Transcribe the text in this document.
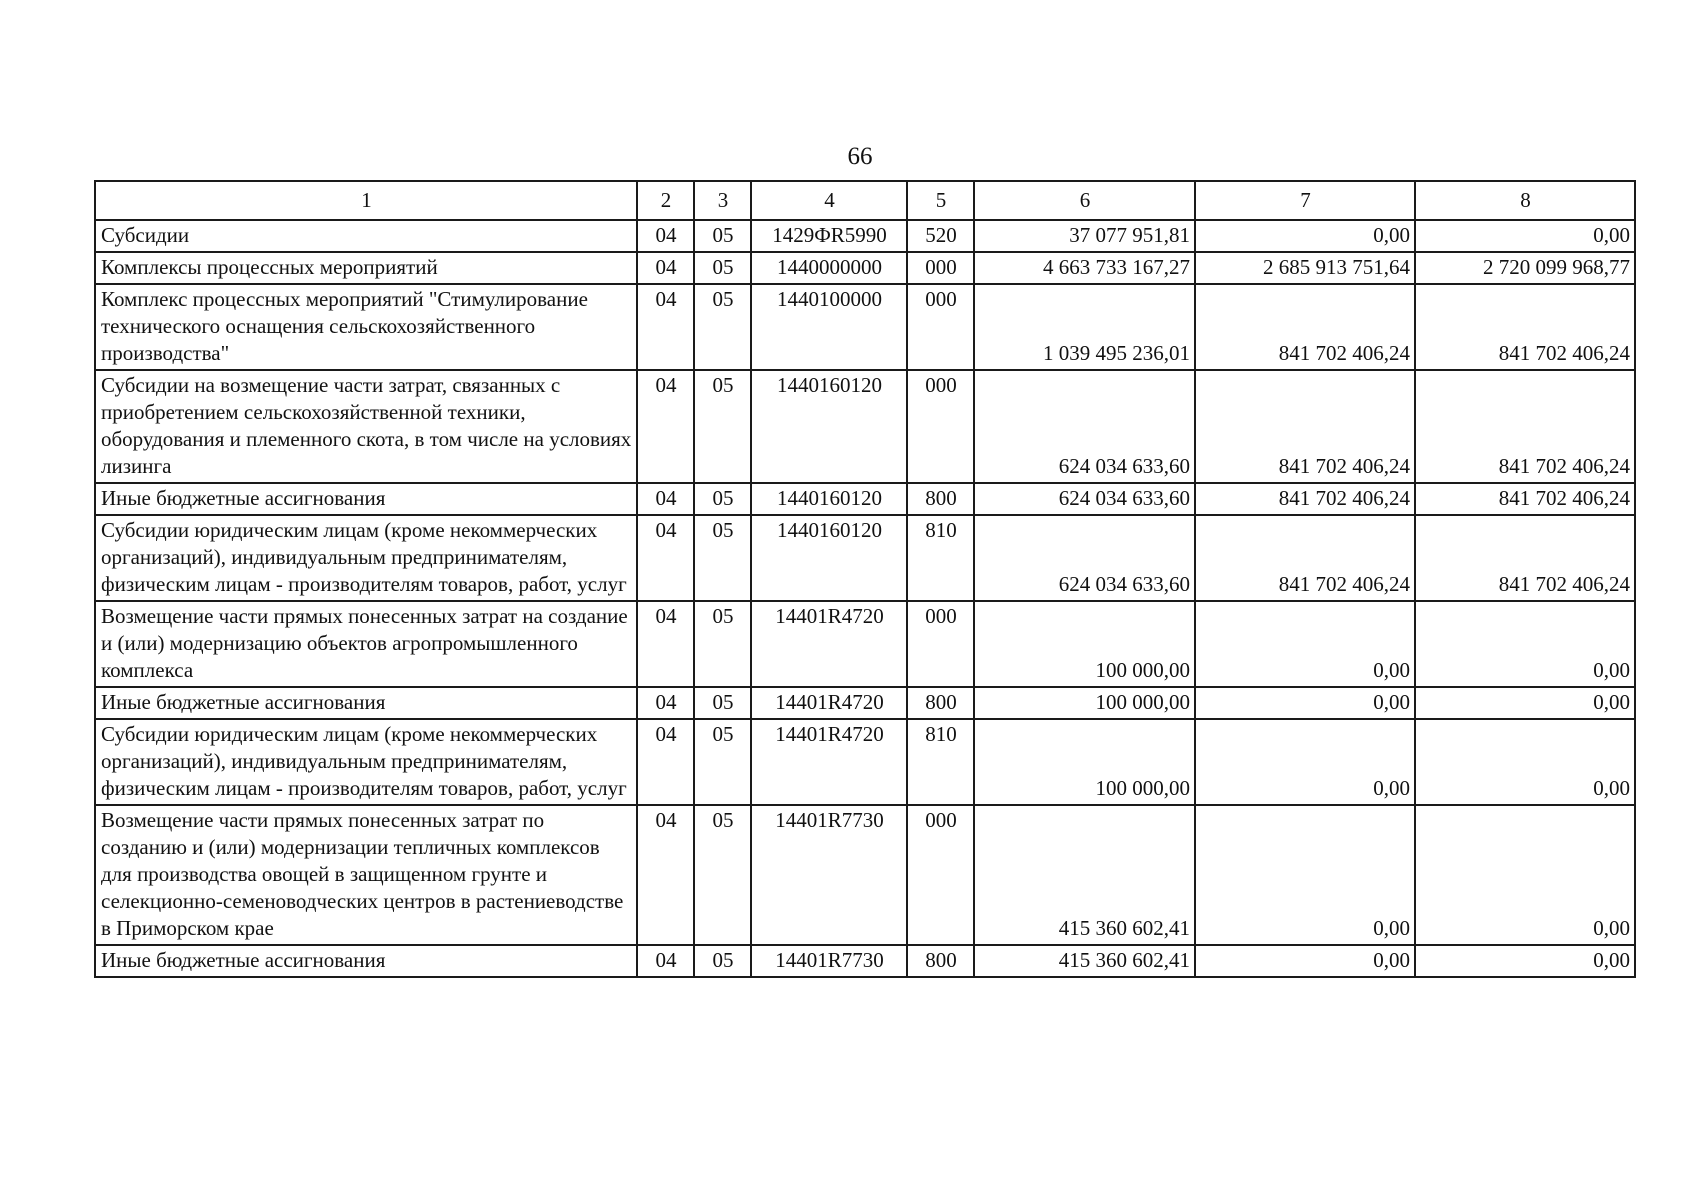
66
1	2	3	4	5	6	7	8
Субсидии	04	05	1429ФR5990	520	37 077 951,81	0,00	0,00
Комплексы процессных мероприятий	04	05	1440000000	000	4 663 733 167,27	2 685 913 751,64	2 720 099 968,77
Комплекс процессных мероприятий "Стимулирование технического оснащения сельскохозяйственного производства"	04	05	1440100000	000	1 039 495 236,01	841 702 406,24	841 702 406,24
Субсидии на возмещение части затрат, связанных с приобретением сельскохозяйственной техники, оборудования и племенного скота, в том числе на условиях лизинга	04	05	1440160120	000	624 034 633,60	841 702 406,24	841 702 406,24
Иные бюджетные ассигнования	04	05	1440160120	800	624 034 633,60	841 702 406,24	841 702 406,24
Субсидии юридическим лицам (кроме некоммерческих организаций), индивидуальным предпринимателям, физическим лицам - производителям товаров, работ, услуг	04	05	1440160120	810	624 034 633,60	841 702 406,24	841 702 406,24
Возмещение части прямых понесенных затрат на создание и (или) модернизацию объектов агропромышленного комплекса	04	05	14401R4720	000	100 000,00	0,00	0,00
Иные бюджетные ассигнования	04	05	14401R4720	800	100 000,00	0,00	0,00
Субсидии юридическим лицам (кроме некоммерческих организаций), индивидуальным предпринимателям, физическим лицам - производителям товаров, работ, услуг	04	05	14401R4720	810	100 000,00	0,00	0,00
Возмещение части прямых понесенных затрат по созданию и (или) модернизации тепличных комплексов для производства овощей в защищенном грунте и селекционно-семеноводческих центров в растениеводстве в Приморском крае	04	05	14401R7730	000	415 360 602,41	0,00	0,00
Иные бюджетные ассигнования	04	05	14401R7730	800	415 360 602,41	0,00	0,00
